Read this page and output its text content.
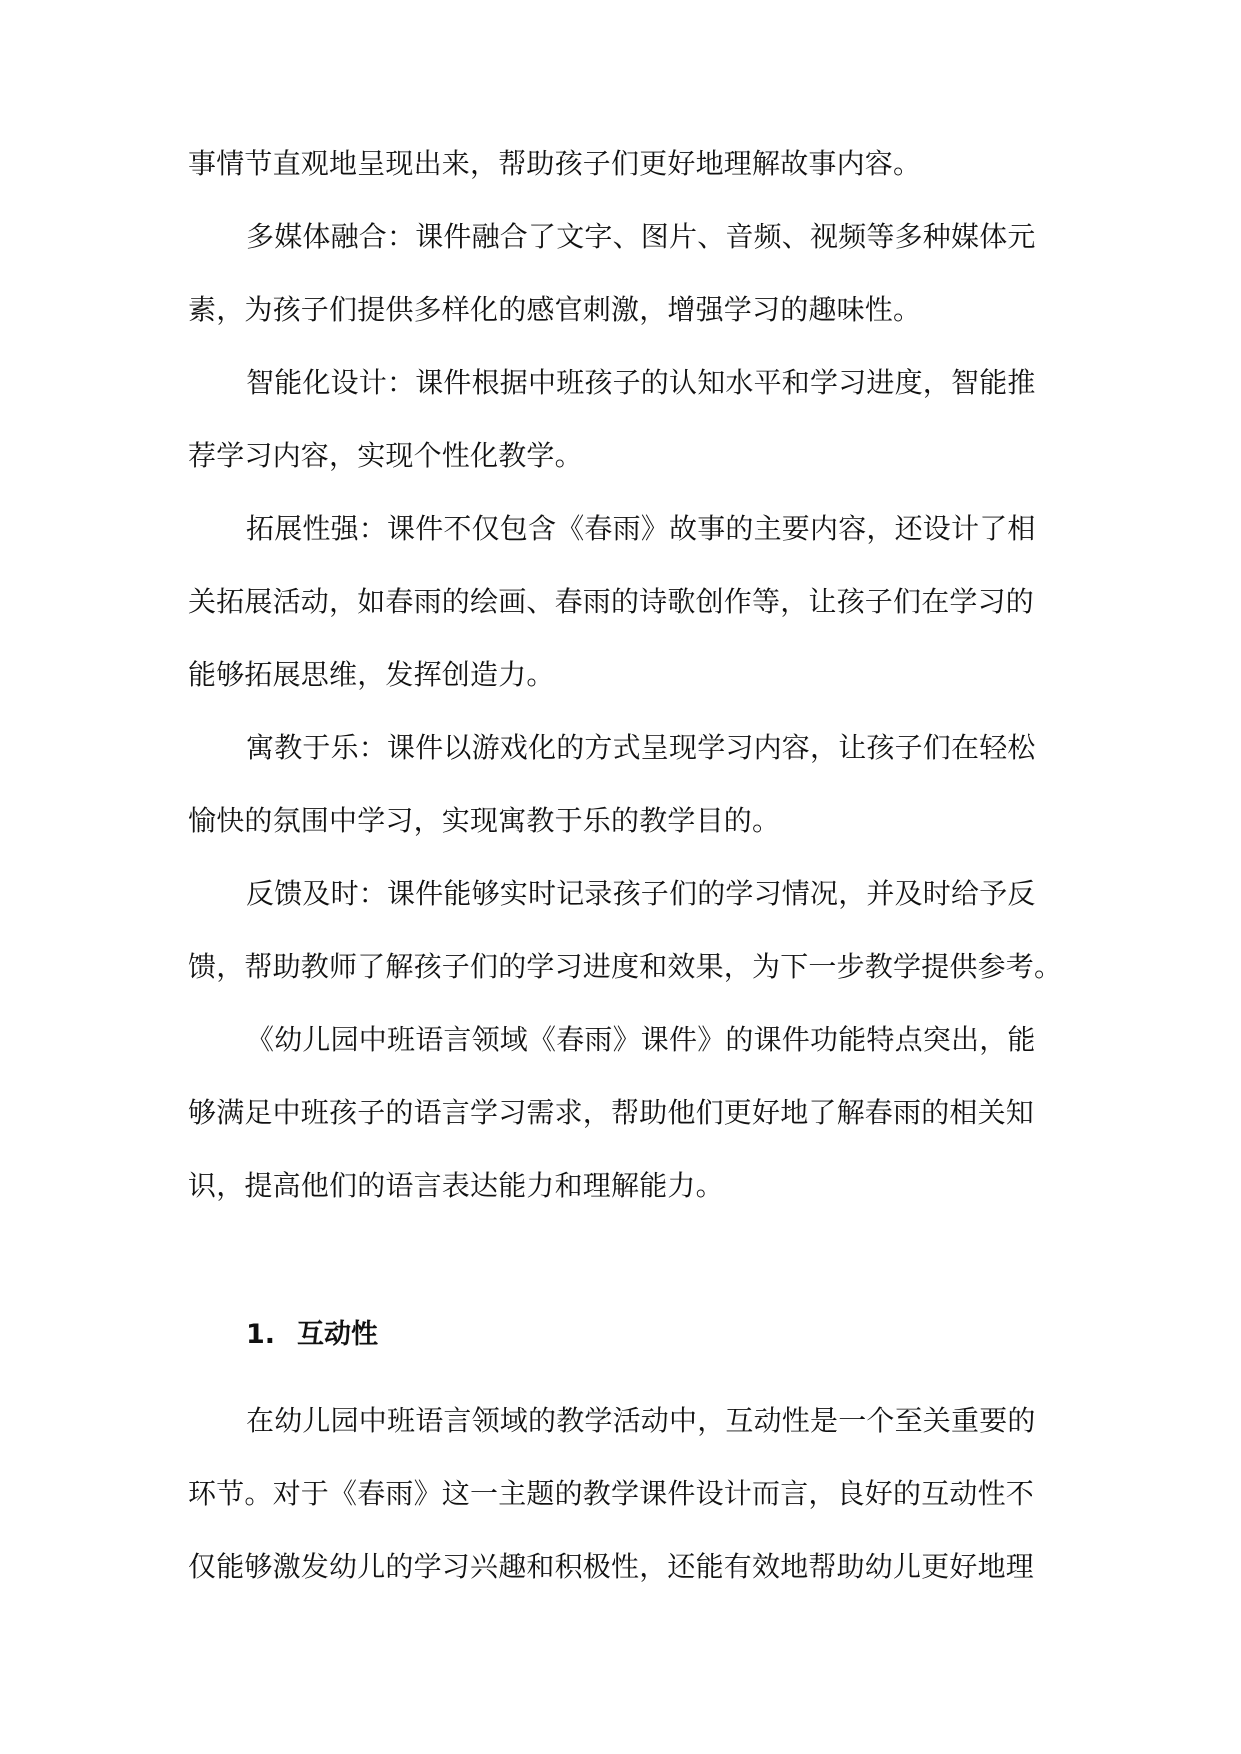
事情节直观地呈现出来，帮助孩子们更好地理解故事内容。
多媒体融合：课件融合了文字、图片、音频、视频等多种媒体元
素，为孩子们提供多样化的感官刺激，增强学习的趣味性。
智能化设计：课件根据中班孩子的认知水平和学习进度，智能推
荐学习内容，实现个性化教学。
拓展性强：课件不仅包含《春雨》故事的主要内容，还设计了相
关拓展活动，如春雨的绘画、春雨的诗歌创作等，让孩子们在学习的
能够拓展思维，发挥创造力。
寓教于乐：课件以游戏化的方式呈现学习内容，让孩子们在轻松
愉快的氛围中学习，实现寓教于乐的教学目的。
反馈及时：课件能够实时记录孩子们的学习情况，并及时给予反
馈，帮助教师了解孩子们的学习进度和效果，为下一步教学提供参考。
《幼儿园中班语言领域《春雨》课件》的课件功能特点突出，能
够满足中班孩子的语言学习需求，帮助他们更好地了解春雨的相关知
识，提高他们的语言表达能力和理解能力。
1. 互动性
在幼儿园中班语言领域的教学活动中，互动性是一个至关重要的
环节。对于《春雨》这一主题的教学课件设计而言，良好的互动性不
仅能够激发幼儿的学习兴趣和积极性，还能有效地帮助幼儿更好地理
